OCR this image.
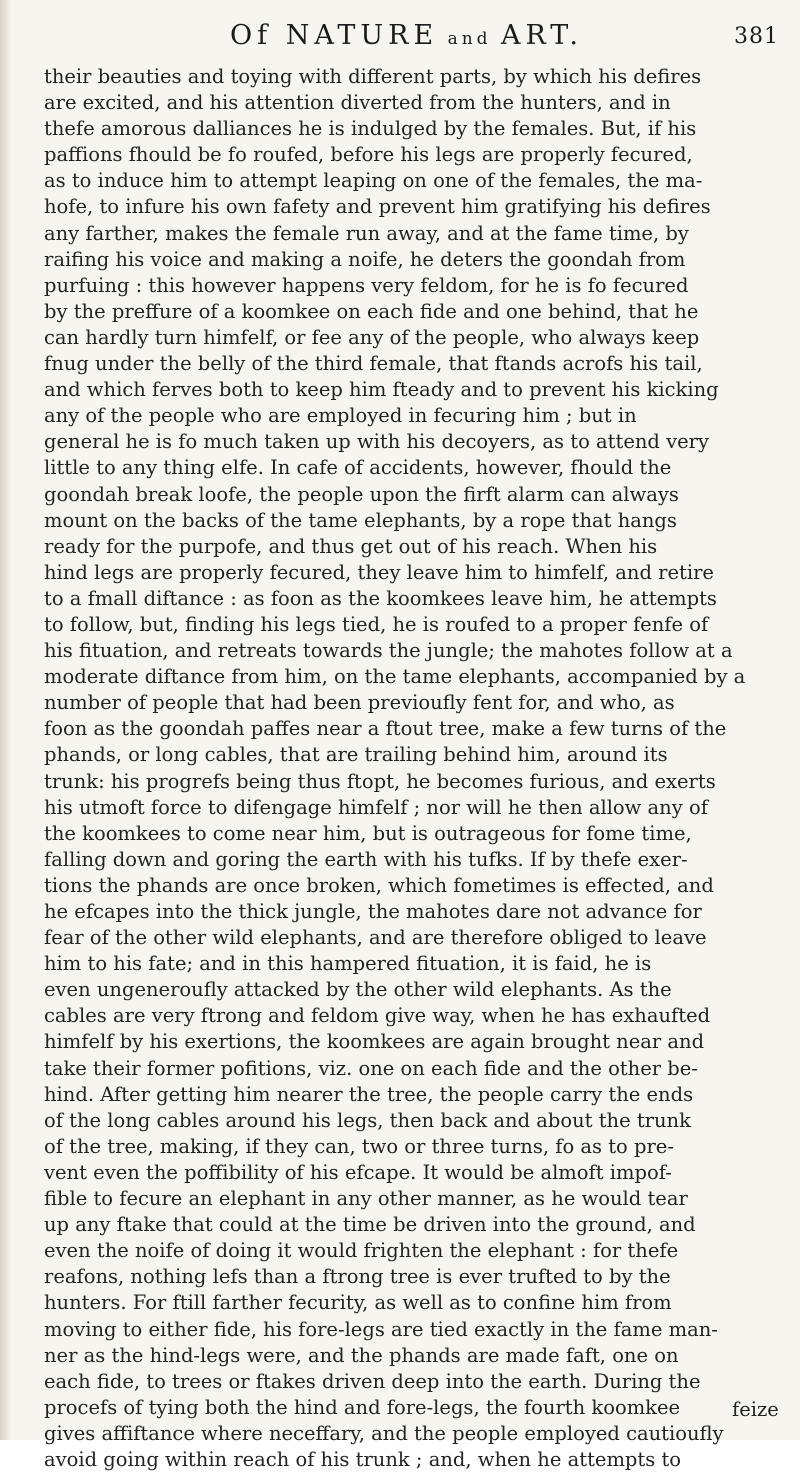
Of NATURE and ART.	381
their beauties and toying with different parts, by which his defires
are excited, and his attention diverted from the hunters, and in
thefe amorous dalliances he is indulged by the females. But, if his
paffions fhould be fo roufed, before his legs are properly fecured,
as to induce him to attempt leaping on one of the females, the ma-
hofe, to infure his own fafety and prevent him gratifying his defires
any farther, makes the female run away, and at the fame time, by
raifing his voice and making a noife, he deters the goondah from
purfuing : this however happens very feldom, for he is fo fecured
by the preffure of a koomkee on each fide and one behind, that he
can hardly turn himfelf, or fee any of the people, who always keep
fnug under the belly of the third female, that ftands acrofs his tail,
and which ferves both to keep him fteady and to prevent his kicking
any of the people who are employed in fecuring him ; but in
general he is fo much taken up with his decoyers, as to attend very
little to any thing elfe. In cafe of accidents, however, fhould the
goondah break loofe, the people upon the firft alarm can always
mount on the backs of the tame elephants, by a rope that hangs
ready for the purpofe, and thus get out of his reach. When his
hind legs are properly fecured, they leave him to himfelf, and retire
to a fmall diftance : as foon as the koomkees leave him, he attempts
to follow, but, finding his legs tied, he is roufed to a proper fenfe of
his fituation, and retreats towards the jungle; the mahotes follow at a
moderate diftance from him, on the tame elephants, accompanied by a
number of people that had been previoufly fent for, and who, as
foon as the goondah paffes near a ftout tree, make a few turns of the
phands, or long cables, that are trailing behind him, around its
trunk: his progrefs being thus ftopt, he becomes furious, and exerts
his utmoft force to difengage himfelf ; nor will he then allow any of
the koomkees to come near him, but is outrageous for fome time,
falling down and goring the earth with his tufks. If by thefe exer-
tions the phands are once broken, which fometimes is effected, and
he efcapes into the thick jungle, the mahotes dare not advance for
fear of the other wild elephants, and are therefore obliged to leave
him to his fate; and in this hampered fituation, it is faid, he is
even ungeneroufly attacked by the other wild elephants. As the
cables are very ftrong and feldom give way, when he has exhaufted
himfelf by his exertions, the koomkees are again brought near and
take their former pofitions, viz. one on each fide and the other be-
hind. After getting him nearer the tree, the people carry the ends
of the long cables around his legs, then back and about the trunk
of the tree, making, if they can, two or three turns, fo as to pre-
vent even the poffibility of his efcape. It would be almoft impof-
fible to fecure an elephant in any other manner, as he would tear
up any ftake that could at the time be driven into the ground, and
even the noife of doing it would frighten the elephant : for thefe
reafons, nothing lefs than a ftrong tree is ever trufted to by the
hunters. For ftill farther fecurity, as well as to confine him from
moving to either fide, his fore-legs are tied exactly in the fame man-
ner as the hind-legs were, and the phands are made faft, one on
each fide, to trees or ftakes driven deep into the earth. During the
procefs of tying both the hind and fore-legs, the fourth koomkee
gives affiftance where neceffary, and the people employed cautioufly
avoid going within reach of his trunk ; and, when he attempts to
feize
